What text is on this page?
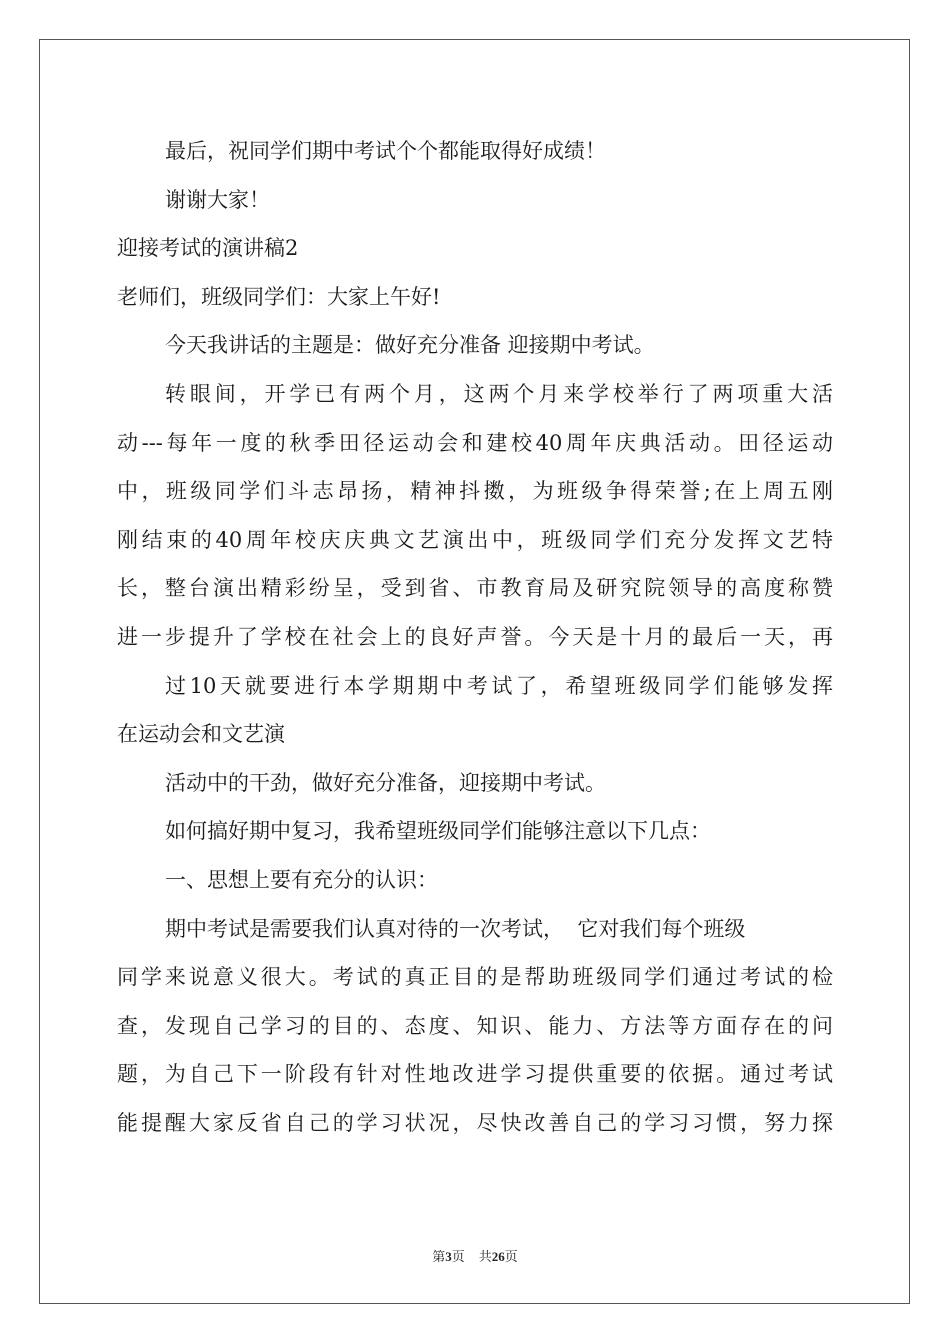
最后，祝同学们期中考试个个都能取得好成绩！
谢谢大家！
迎接考试的演讲稿2
老师们，班级同学们：大家上午好!
今天我讲话的主题是：做好充分准备 迎接期中考试。
转眼间，开学已有两个月，这两个月来学校举行了两项重大活
动---每年一度的秋季田径运动会和建校40周年庆典活动。田径运动
中，班级同学们斗志昂扬，精神抖擞，为班级争得荣誉;在上周五刚
刚结束的40周年校庆庆典文艺演出中，班级同学们充分发挥文艺特
长，整台演出精彩纷呈，受到省、市教育局及研究院领导的高度称赞
进一步提升了学校在社会上的良好声誉。今天是十月的最后一天，再
过10天就要进行本学期期中考试了，希望班级同学们能够发挥
在运动会和文艺演
活动中的干劲，做好充分准备，迎接期中考试。
如何搞好期中复习，我希望班级同学们能够注意以下几点：
一、思想上要有充分的认识：
期中考试是需要我们认真对待的一次考试，  它对我们每个班级
同学来说意义很大。考试的真正目的是帮助班级同学们通过考试的检
查，发现自己学习的目的、态度、知识、能力、方法等方面存在的问
题，为自己下一阶段有针对性地改进学习提供重要的依据。通过考试
能提醒大家反省自己的学习状况，尽快改善自己的学习习惯，努力探
第3页 共26页
